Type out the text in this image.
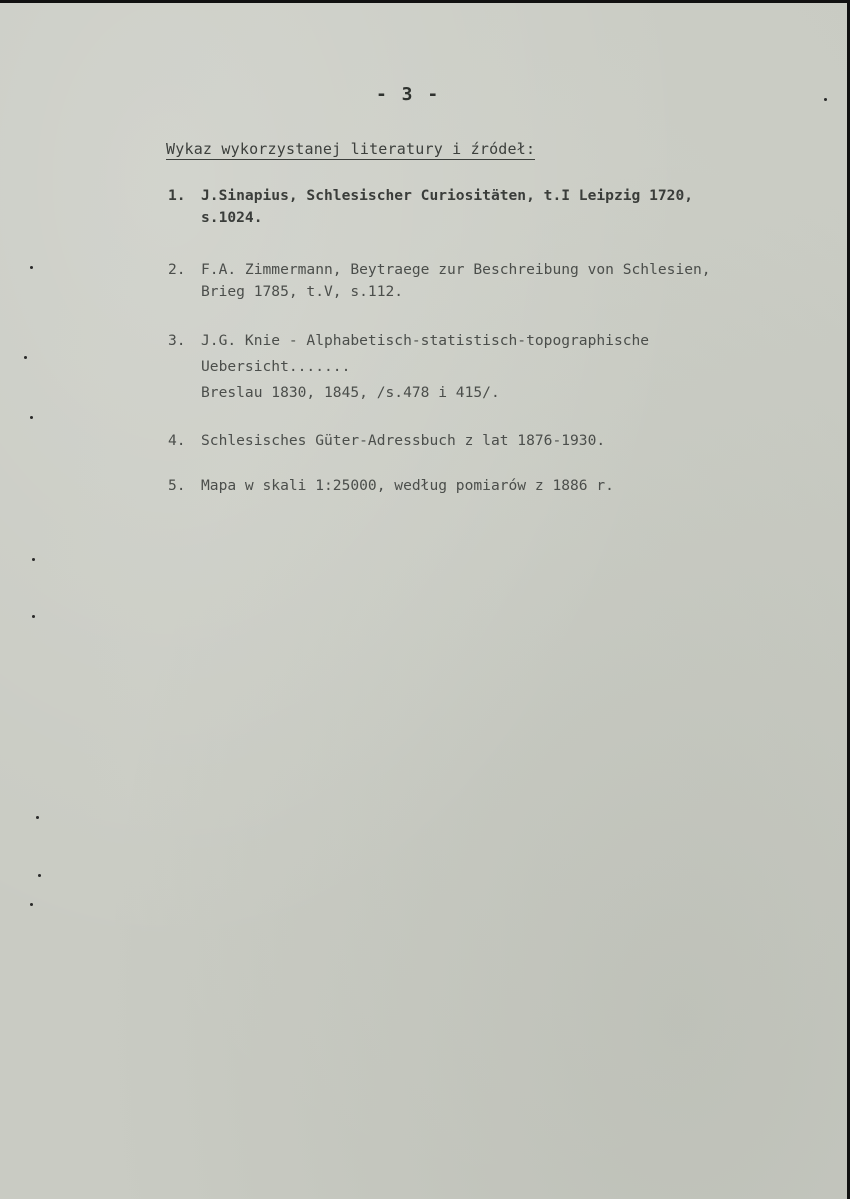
- 3 -
Wykaz wykorzystanej literatury i źródeł:
1. J.Sinapius, Schlesischer Curiositäten, t.I Leipzig 1720,
s.1024.
2. F.A. Zimmermann, Beytraege zur Beschreibung von Schlesien,
Brieg 1785, t.V, s.112.
3. J.G. Knie - Alphabetisch-statistisch-topographische
Uebersicht.......
Breslau 1830, 1845, /s.478 i 415/.
4. Schlesisches Güter-Adressbuch z lat 1876-1930.
5. Mapa w skali 1:25000, według pomiarów z 1886 r.
